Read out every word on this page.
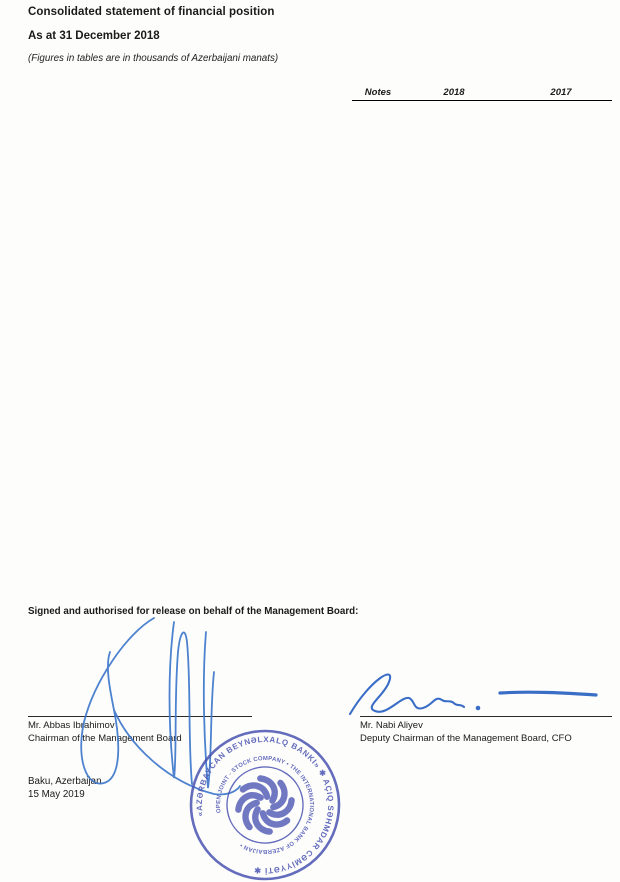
Consolidated statement of financial position
As at 31 December 2018
(Figures in tables are in thousands of Azerbaijani manats)
Notes	2018	2017
Signed and authorised for release on behalf of the Management Board:
Mr. Abbas Ibrahimov
Chairman of the Management Board
Mr. Nabi Aliyev
Deputy Chairman of the Management Board, CFO
Baku, Azerbaijan
15 May 2019
«AZƏRBAYCAN BEYNƏLXALQ BANKI» ✱ AÇIQ SƏHMDAR CƏMİYYƏTİ ✱
OPEN JOINT - STOCK COMPANY • THE INTERNATIONAL BANK OF AZERBAIJAN •
